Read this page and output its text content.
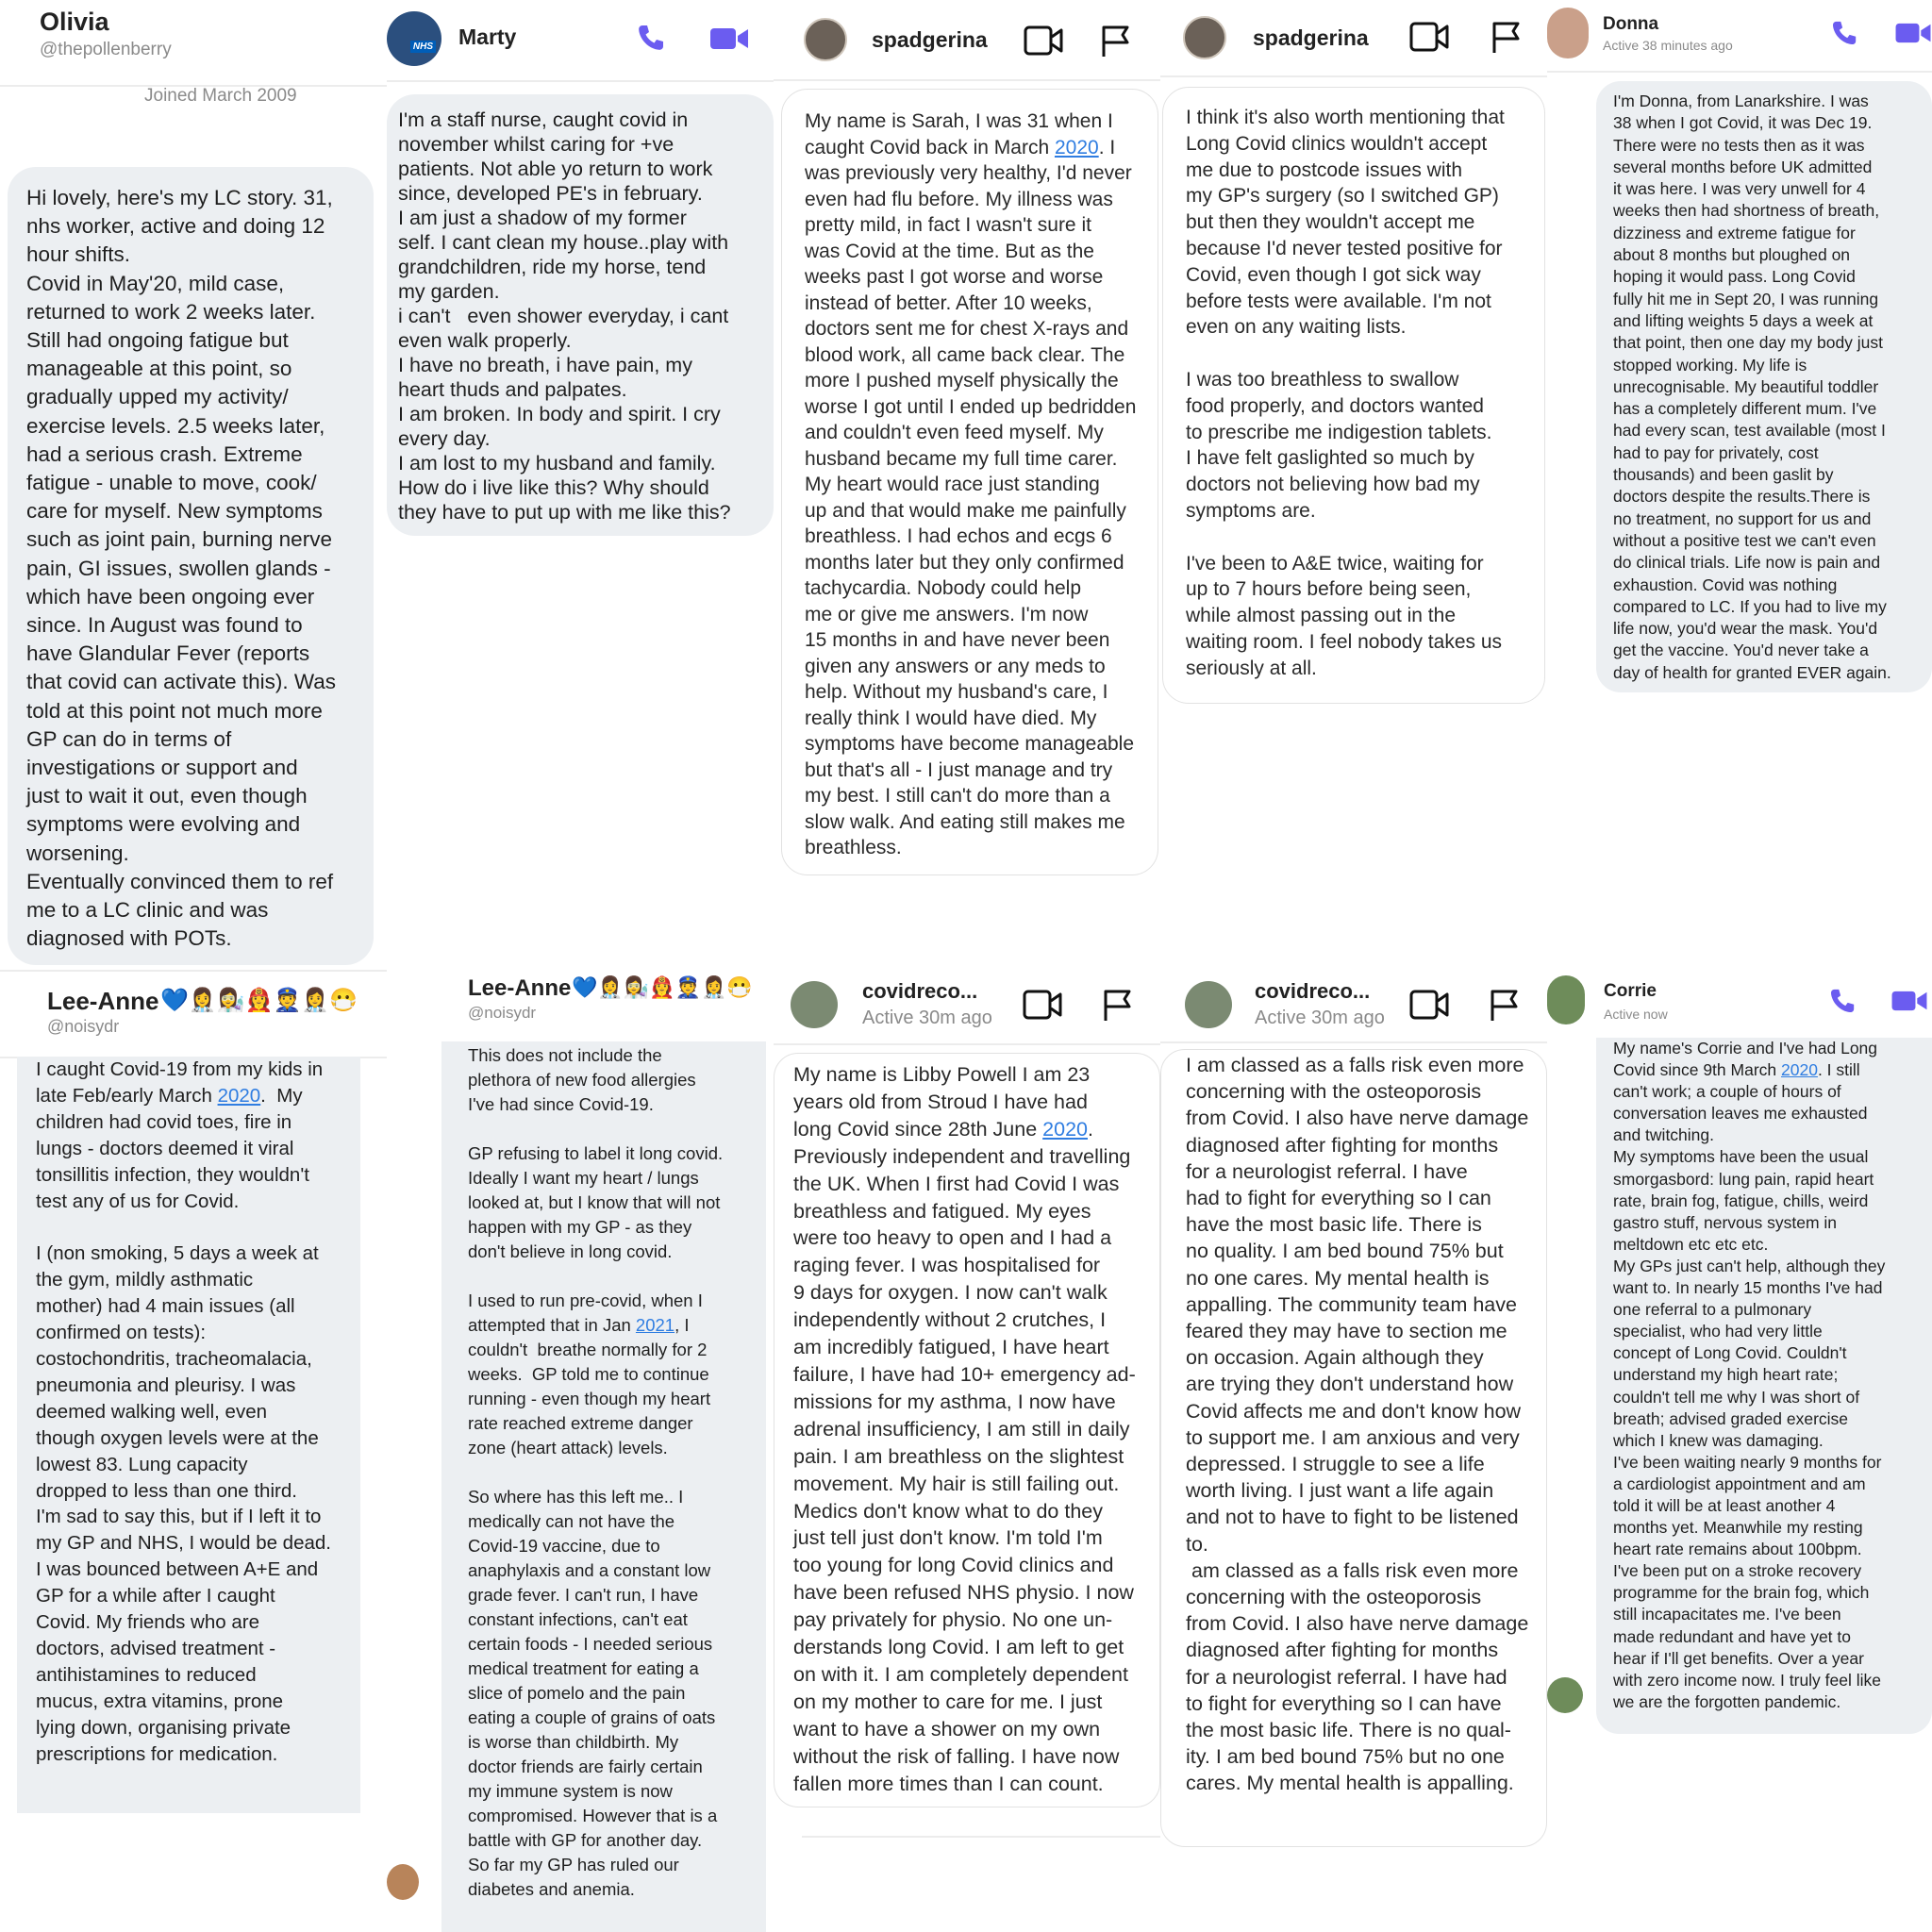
Olivia
@thepollenberry
Joined March 2009
Hi lovely, here's my LC story. 31,
nhs worker, active and doing 12
hour shifts.
Covid in May'20, mild case,
returned to work 2 weeks later.
Still had ongoing fatigue but
manageable at this point, so
gradually upped my activity/
exercise levels. 2.5 weeks later,
had a serious crash. Extreme
fatigue - unable to move, cook/
care for myself. New symptoms
such as joint pain, burning nerve
pain, GI issues, swollen glands -
which have been ongoing ever
since. In August was found to
have Glandular Fever (reports
that covid can activate this). Was
told at this point not much more
GP can do in terms of
investigations or support and
just to wait it out, even though
symptoms were evolving and
worsening.
Eventually convinced them to ref
me to a LC clinic and was
diagnosed with POTs.
NHS Marty
I'm a staff nurse, caught covid in
november whilst caring for +ve
patients. Not able yo return to work
since, developed PE's in february.
I am just a shadow of my former
self. I cant clean my house..play with
grandchildren, ride my horse, tend
my garden.
i can't   even shower everyday, i cant
even walk properly.
I have no breath, i have pain, my
heart thuds and palpates.
I am broken. In body and spirit. I cry
every day.
I am lost to my husband and family.
How do i live like this? Why should
they have to put up with me like this?
spadgerina
My name is Sarah, I was 31 when I
caught Covid back in March 2020. I
was previously very healthy, I'd never
even had flu before. My illness was
pretty mild, in fact I wasn't sure it
was Covid at the time. But as the
weeks past I got worse and worse
instead of better. After 10 weeks,
doctors sent me for chest X-rays and
blood work, all came back clear. The
more I pushed myself physically the
worse I got until I ended up bedridden
and couldn't even feed myself. My
husband became my full time carer.
My heart would race just standing
up and that would make me painfully
breathless. I had echos and ecgs 6
months later but they only confirmed
tachycardia. Nobody could help
me or give me answers. I'm now
15 months in and have never been
given any answers or any meds to
help. Without my husband's care, I
really think I would have died. My
symptoms have become manageable
but that's all - I just manage and try
my best. I still can't do more than a
slow walk. And eating still makes me
breathless.
spadgerina
I think it's also worth mentioning that
Long Covid clinics wouldn't accept
me due to postcode issues with
my GP's surgery (so I switched GP)
but then they wouldn't accept me
because I'd never tested positive for
Covid, even though I got sick way
before tests were available. I'm not
even on any waiting lists.

I was too breathless to swallow
food properly, and doctors wanted
to prescribe me indigestion tablets.
I have felt gaslighted so much by
doctors not believing how bad my
symptoms are.

I've been to A&E twice, waiting for
up to 7 hours before being seen,
while almost passing out in the
waiting room. I feel nobody takes us
seriously at all.
Donna
Active 38 minutes ago
I'm Donna, from Lanarkshire. I was
38 when I got Covid, it was Dec 19.
There were no tests then as it was
several months before UK admitted
it was here. I was very unwell for 4
weeks then had shortness of breath,
dizziness and extreme fatigue for
about 8 months but ploughed on
hoping it would pass. Long Covid
fully hit me in Sept 20, I was running
and lifting weights 5 days a week at
that point, then one day my body just
stopped working. My life is
unrecognisable. My beautiful toddler
has a completely different mum. I've
had every scan, test available (most I
had to pay for privately, cost
thousands) and been gaslit by
doctors despite the results.There is
no treatment, no support for us and
without a positive test we can't even
do clinical trials. Life now is pain and
exhaustion. Covid was nothing
compared to LC. If you had to live my
life now, you'd wear the mask. You'd
get the vaccine. You'd never take a
day of health for granted EVER again.
Lee-Anne 💙👩‍⚕️👩‍🔬👩‍🚒👮👩‍⚕️😷
@noisydr
I caught Covid-19 from my kids in
late Feb/early March 2020.  My
children had covid toes, fire in
lungs - doctors deemed it viral
tonsillitis infection, they wouldn't
test any of us for Covid.

I (non smoking, 5 days a week at
the gym, mildly asthmatic
mother) had 4 main issues (all
confirmed on tests):
costochondritis, tracheomalacia,
pneumonia and pleurisy. I was
deemed walking well, even
though oxygen levels were at the
lowest 83. Lung capacity
dropped to less than one third.
I'm sad to say this, but if I left it to
my GP and NHS, I would be dead.
I was bounced between A+E and
GP for a while after I caught
Covid. My friends who are
doctors, advised treatment -
antihistamines to reduced
mucus, extra vitamins, prone
lying down, organising private
prescriptions for medication.
Lee-Anne 💙👩‍⚕️👩‍🔬👩‍🚒👮👩‍⚕️😷
@noisydr
This does not include the
plethora of new food allergies
I've had since Covid-19.

GP refusing to label it long covid.
Ideally I want my heart / lungs
looked at, but I know that will not
happen with my GP - as they
don't believe in long covid.

I used to run pre-covid, when I
attempted that in Jan 2021, I
couldn't  breathe normally for 2
weeks.  GP told me to continue
running - even though my heart
rate reached extreme danger
zone (heart attack) levels.

So where has this left me.. I
medically can not have the
Covid-19 vaccine, due to
anaphylaxis and a constant low
grade fever. I can't run, I have
constant infections, can't eat
certain foods - I needed serious
medical treatment for eating a
slice of pomelo and the pain
eating a couple of grains of oats
is worse than childbirth. My
doctor friends are fairly certain
my immune system is now
compromised. However that is a
battle with GP for another day.
So far my GP has ruled our
diabetes and anemia.
covidreco...
Active 30m ago
My name is Libby Powell I am 23
years old from Stroud I have had
long Covid since 28th June 2020.
Previously independent and travelling
the UK. When I first had Covid I was
breathless and fatigued. My eyes
were too heavy to open and I had a
raging fever. I was hospitalised for
9 days for oxygen. I now can't walk
independently without 2 crutches, I
am incredibly fatigued, I have heart
failure, I have had 10+ emergency ad-
missions for my asthma, I now have
adrenal insufficiency, I am still in daily
pain. I am breathless on the slightest
movement. My hair is still failing out.
Medics don't know what to do they
just tell just don't know. I'm told I'm
too young for long Covid clinics and
have been refused NHS physio. I now
pay privately for physio. No one un-
derstands long Covid. I am left to get
on with it. I am completely dependent
on my mother to care for me. I just
want to have a shower on my own
without the risk of falling. I have now
fallen more times than I can count.
covidreco...
Active 30m ago
I am classed as a falls risk even more
concerning with the osteoporosis
from Covid. I also have nerve damage
diagnosed after fighting for months
for a neurologist referral. I have
had to fight for everything so I can
have the most basic life. There is
no quality. I am bed bound 75% but
no one cares. My mental health is
appalling. The community team have
feared they may have to section me
on occasion. Again although they
are trying they don't understand how
Covid affects me and don't know how
to support me. I am anxious and very
depressed. I struggle to see a life
worth living. I just want a life again
and not to have to fight to be listened
to.
am classed as a falls risk even more
concerning with the osteoporosis
from Covid. I also have nerve damage
diagnosed after fighting for months
for a neurologist referral. I have had
to fight for everything so I can have
the most basic life. There is no qual-
ity. I am bed bound 75% but no one
cares. My mental health is appalling.
Corrie
Active now
My name's Corrie and I've had Long
Covid since 9th March 2020. I still
can't work; a couple of hours of
conversation leaves me exhausted
and twitching.
My symptoms have been the usual
smorgasbord: lung pain, rapid heart
rate, brain fog, fatigue, chills, weird
gastro stuff, nervous system in
meltdown etc etc etc.
My GPs just can't help, although they
want to. In nearly 15 months I've had
one referral to a pulmonary
specialist, who had very little
concept of Long Covid. Couldn't
understand my high heart rate;
couldn't tell me why I was short of
breath; advised graded exercise
which I knew was damaging.
I've been waiting nearly 9 months for
a cardiologist appointment and am
told it will be at least another 4
months yet. Meanwhile my resting
heart rate remains about 100bpm.
I've been put on a stroke recovery
programme for the brain fog, which
still incapacitates me. I've been
made redundant and have yet to
hear if I'll get benefits. Over a year
with zero income now. I truly feel like
we are the forgotten pandemic.
